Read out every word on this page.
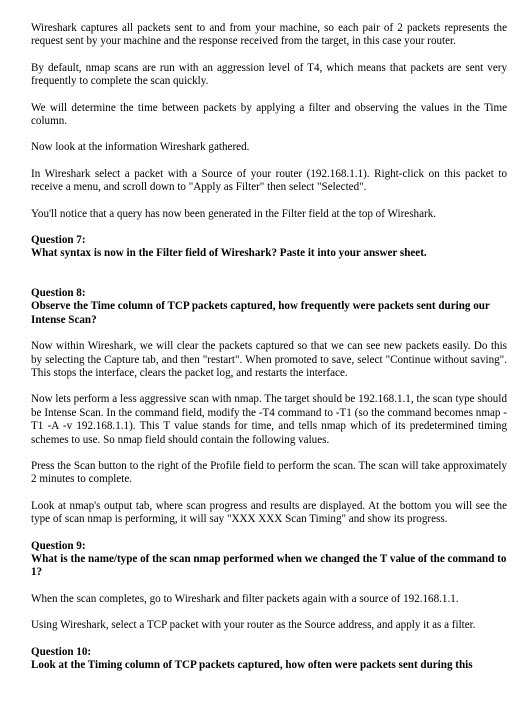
Wireshark captures all packets sent to and from your machine, so each pair of 2 packets represents the request sent by your machine and the response received from the target, in this case your router.

By default, nmap scans are run with an aggression level of T4, which means that packets are sent very frequently to complete the scan quickly.

We will determine the time between packets by applying a filter and observing the values in the Time column.

Now look at the information Wireshark gathered.

In Wireshark select a packet with a Source of your router (192.168.1.1). Right-click on this packet to receive a menu, and scroll down to "Apply as Filter" then select "Selected".

You'll notice that a query has now been generated in the Filter field at the top of Wireshark.

Question 7:

What syntax is now in the Filter field of Wireshark? Paste it into your answer sheet.

Question 8:

Observe the Time column of TCP packets captured, how frequently were packets sent during our Intense Scan?

Now within Wireshark, we will clear the packets captured so that we can see new packets easily. Do this by selecting the Capture tab, and then "restart". When promoted to save, select "Continue without saving". This stops the interface, clears the packet log, and restarts the interface.

Now lets perform a less aggressive scan with nmap. The target should be 192.168.1.1, the scan type should be Intense Scan. In the command field, modify the -T4 command to -T1 (so the command becomes nmap -T1 -A -v 192.168.1.1). This T value stands for time, and tells nmap which of its predetermined timing schemes to use. So nmap field should contain the following values.

Press the Scan button to the right of the Profile field to perform the scan. The scan will take approximately 2 minutes to complete.

Look at nmap's output tab, where scan progress and results are displayed. At the bottom you will see the type of scan nmap is performing, it will say "XXX XXX Scan Timing" and show its progress.

Question 9:

What is the name/type of the scan nmap performed when we changed the T value of the command to 1?

When the scan completes, go to Wireshark and filter packets again with a source of 192.168.1.1.

Using Wireshark, select a TCP packet with your router as the Source address, and apply it as a filter.

Question 10:

Look at the Timing column of TCP packets captured, how often were packets sent during this
